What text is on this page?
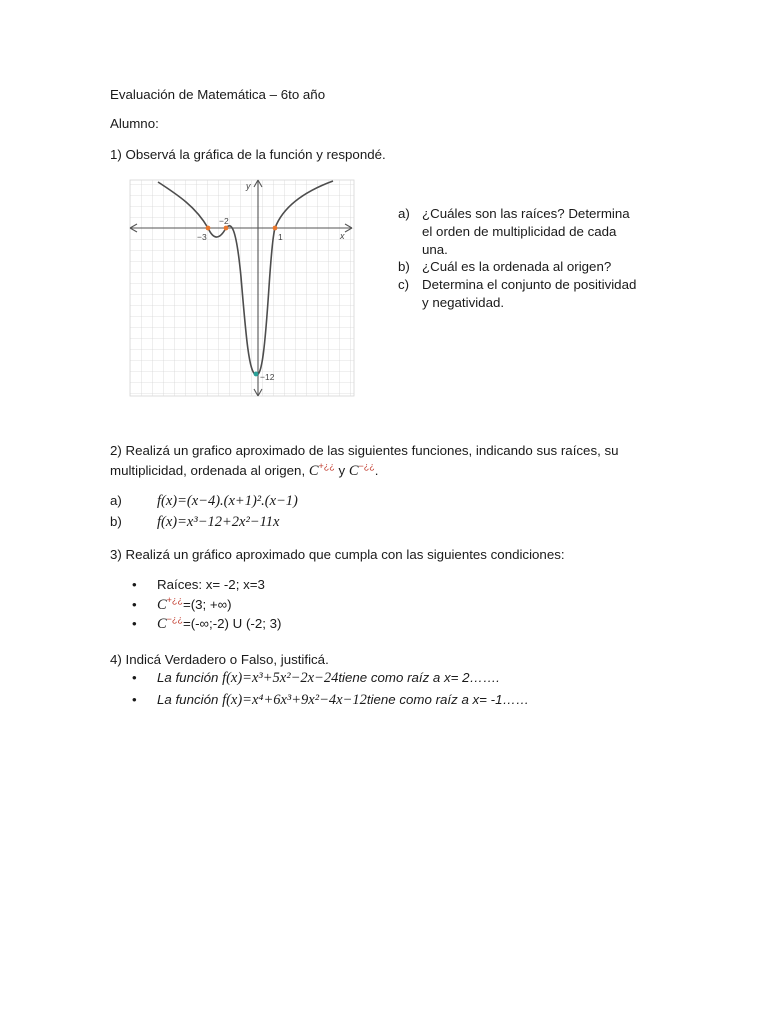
Evaluación de Matemática – 6to año
Alumno:
1) Observá la gráfica de la función y respondé.
x
y
−3
−2
1
−12
a) ¿Cuáles son las raíces? Determina
el orden de multiplicidad de cada
una.
b) ¿Cuál es la ordenada al origen?
c) Determina el conjunto de positividad
y negatividad.
2) Realizá un grafico aproximado de las siguientes funciones, indicando sus raíces, su
multiplicidad, ordenada al origen, C+¿¿ y C−¿¿.
a) f(x)=(x−4).(x+1)².(x−1)
b) f(x)=x³−12+2x²−11x
3) Realizá un gráfico aproximado que cumpla con las siguientes condiciones:
• Raíces: x= -2; x=3
• C+¿¿=(3; +∞)
• C−¿¿=(-∞;-2) U (-2; 3)
4) Indicá Verdadero o Falso, justificá.
• La función f(x)=x³+5x²−2x−24tiene como raíz a x= 2…….
• La función f(x)=x⁴+6x³+9x²−4x−12tiene como raíz a x= -1……
